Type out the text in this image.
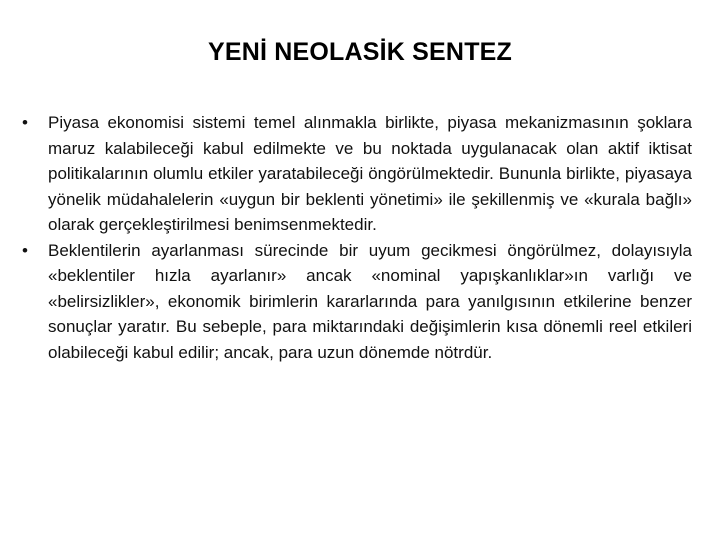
YENİ NEOLASİK SENTEZ
• Piyasa ekonomisi sistemi temel alınmakla birlikte, piyasa mekanizmasının şoklara maruz kalabileceği kabul edilmekte ve bu noktada uygulanacak olan aktif iktisat politikalarının olumlu etkiler yaratabileceği öngörülmektedir. Bununla birlikte, piyasaya yönelik müdahalelerin «uygun bir beklenti yönetimi» ile şekillenmiş ve «kurala bağlı» olarak gerçekleştirilmesi benimsenmektedir.
• Beklentilerin ayarlanması sürecinde bir uyum gecikmesi öngörülmez, dolayısıyla «beklentiler hızla ayarlanır» ancak «nominal yapışkanlıklar»ın varlığı ve «belirsizlikler», ekonomik birimlerin kararlarında para yanılgısının etkilerine benzer sonuçlar yaratır. Bu sebeple, para miktarındaki değişimlerin kısa dönemli reel etkileri olabileceği kabul edilir; ancak, para uzun dönemde nötrdür.
